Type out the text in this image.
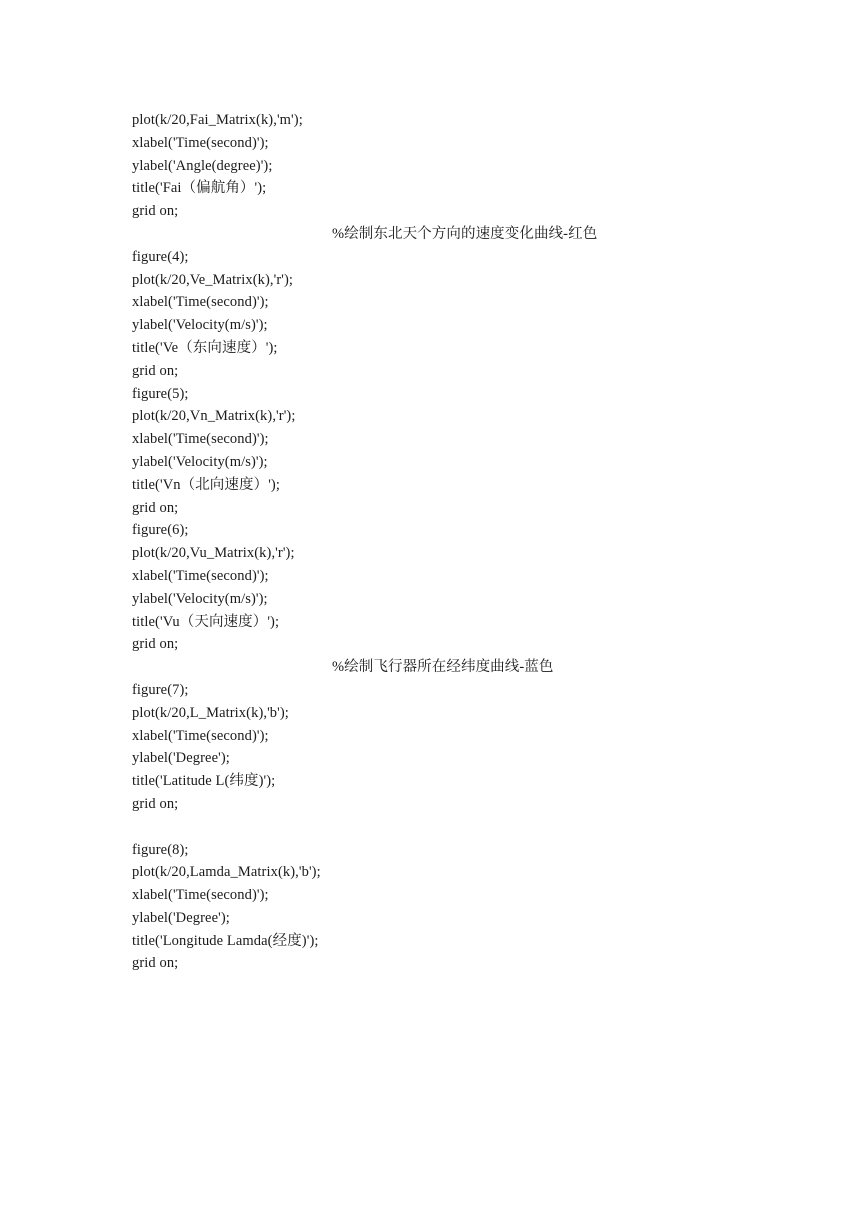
plot(k/20,Fai_Matrix(k),'m');
xlabel('Time(second)');
ylabel('Angle(degree)');
title('Fai（偏航角）');
grid on;
%绘制东北天个方向的速度变化曲线-红色
figure(4);
plot(k/20,Ve_Matrix(k),'r');
xlabel('Time(second)');
ylabel('Velocity(m/s)');
title('Ve（东向速度）');
grid on;
figure(5);
plot(k/20,Vn_Matrix(k),'r');
xlabel('Time(second)');
ylabel('Velocity(m/s)');
title('Vn（北向速度）');
grid on;
figure(6);
plot(k/20,Vu_Matrix(k),'r');
xlabel('Time(second)');
ylabel('Velocity(m/s)');
title('Vu（天向速度）');
grid on;
%绘制飞行器所在经纬度曲线-蓝色
figure(7);
plot(k/20,L_Matrix(k),'b');
xlabel('Time(second)');
ylabel('Degree');
title('Latitude L(纬度)');
grid on;
figure(8);
plot(k/20,Lamda_Matrix(k),'b');
xlabel('Time(second)');
ylabel('Degree');
title('Longitude Lamda(经度)');
grid on;
